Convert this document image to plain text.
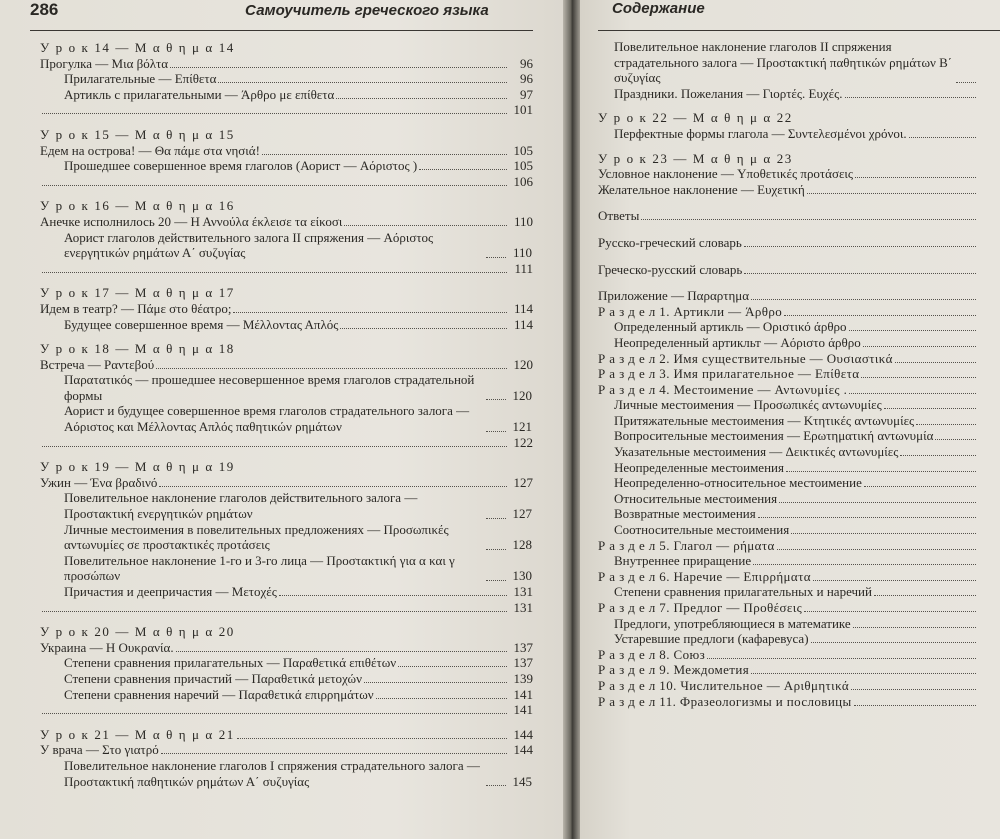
286	Самоучитель греческого языка
У р о к 14 — Μ α θ η μ α 14
Прогулка — Μια βόλτα	96
Прилагательные — Επίθετα	96
Артикль с прилагательными — Άρθρο με επίθετα	97
101
У р о к 15 — Μ α θ η μ α 15
Едем на острова! — Θα πάμε στα νησιά!	105
Прошедшее совершенное время глаголов (Аорист — Αόριστος )	105
106
У р о к 16 — Μ α θ η μ α 16
Анечке исполнилось 20 — Η Αννούλα έκλεισε τα είκοσι	110
Аорист глаголов действительного залога II спряжения — Αόριστος ενεργητικών ρημάτων Α΄ συζυγίας	110
111
У р о к 17 — Μ α θ η μ α 17
Идем в театр? — Πάμε στο θέατρο;	114
Будущее совершенное время — Μέλλοντας Απλός	114
У р о к 18 — Μ α θ η μ α 18
Встреча — Ραντεβού	120
Παρατατικός — прошедшее несовершенное время глаголов страдательной формы	120
Аорист и будущее совершенное время глаголов страдательного залога — Αόριστος και Μέλλοντας Απλός παθητικών ρημάτων	121
122
У р о к 19 — Μ α θ η μ α 19
Ужин — Ένα βραδινό	127
Повелительное наклонение глаголов действительного залога — Προστακτική ενεργητικών ρημάτων	127
Личные местоимения в повелительных предложениях — Προσωπικές αντωνυμίες σε προστακτικές προτάσεις	128
Повелительное наклонение 1-го и 3-го лица — Προστακτική για α και γ προσώπων	130
Причастия и деепричастия — Μετοχές	131
131
У р о к 20 — Μ α θ η μ α 20
Украина — Η Ουκρανία.	137
Степени сравнения прилагательных — Παραθετικά επιθέτων	137
Степени сравнения причастий — Παραθετικά μετοχών	139
Степени сравнения наречий — Παραθετικά επιρρημάτων	141
141
У р о к 21 — Μ α θ η μ α 21	144
У врача — Στο γιατρό	144
Повелительное наклонение глаголов I спряжения страдательного залога — Προστακτική παθητικών ρημάτων Α΄ συζυγίας	145
Содержание
Повелительное наклонение глаголов II спряжения страдательного залога — Προστακτική παθητικών ρημάτων Β΄ συζυγίας
Праздники. Пожелания — Γιορτές. Ευχές.
У р о к 22 — Μ α θ η μ α 22
Перфектные формы глагола — Συντελεσμένοι χρόνοι.
У р о к 23 — Μ α θ η μ α 23
Условное наклонение — Υποθετικές προτάσεις
Желательное наклонение — Ευχετική
Ответы
Русско-греческий словарь
Греческо-русский словарь
Приложение — Παραρτημα
Р а з д е л 1. Артикли — Άρθρο
Определенный артикль — Οριστικό άρθρο
Неопределенный артикльт — Αόριστο άρθρο
Р а з д е л 2. Имя существительные — Ουσιαστικά
Р а з д е л 3. Имя прилагательное — Επίθετα
Р а з д е л 4. Местоимение — Αντωνυμίες .
Личные местоимения — Προσωπικές αντωνυμίες
Притяжательные местоимения — Κτητικές αντωνυμίες
Вопросительные местоимения — Ερωτηματική αντωνυμία
Указательные местоимения — Δεικτικές αντωνυμίες
Неопределенные местоимения
Неопределенно-относительное местоимение
Относительные местоимения
Возвратные местоимения
Соотносительные местоимения
Р а з д е л 5. Глагол — ρήματα
Внутреннее приращение
Р а з д е л 6. Наречие — Επιρρήματα
Степени сравнения прилагательных и наречий
Р а з д е л 7. Предлог — Προθέσεις
Предлоги, употребляющиеся в математике
Устаревшие предлоги (кафаревуса)
Р а з д е л 8. Союз
Р а з д е л 9. Междометия
Р а з д е л 10. Числительное — Αριθμητικά
Р а з д е л 11. Фразеологизмы и пословицы
